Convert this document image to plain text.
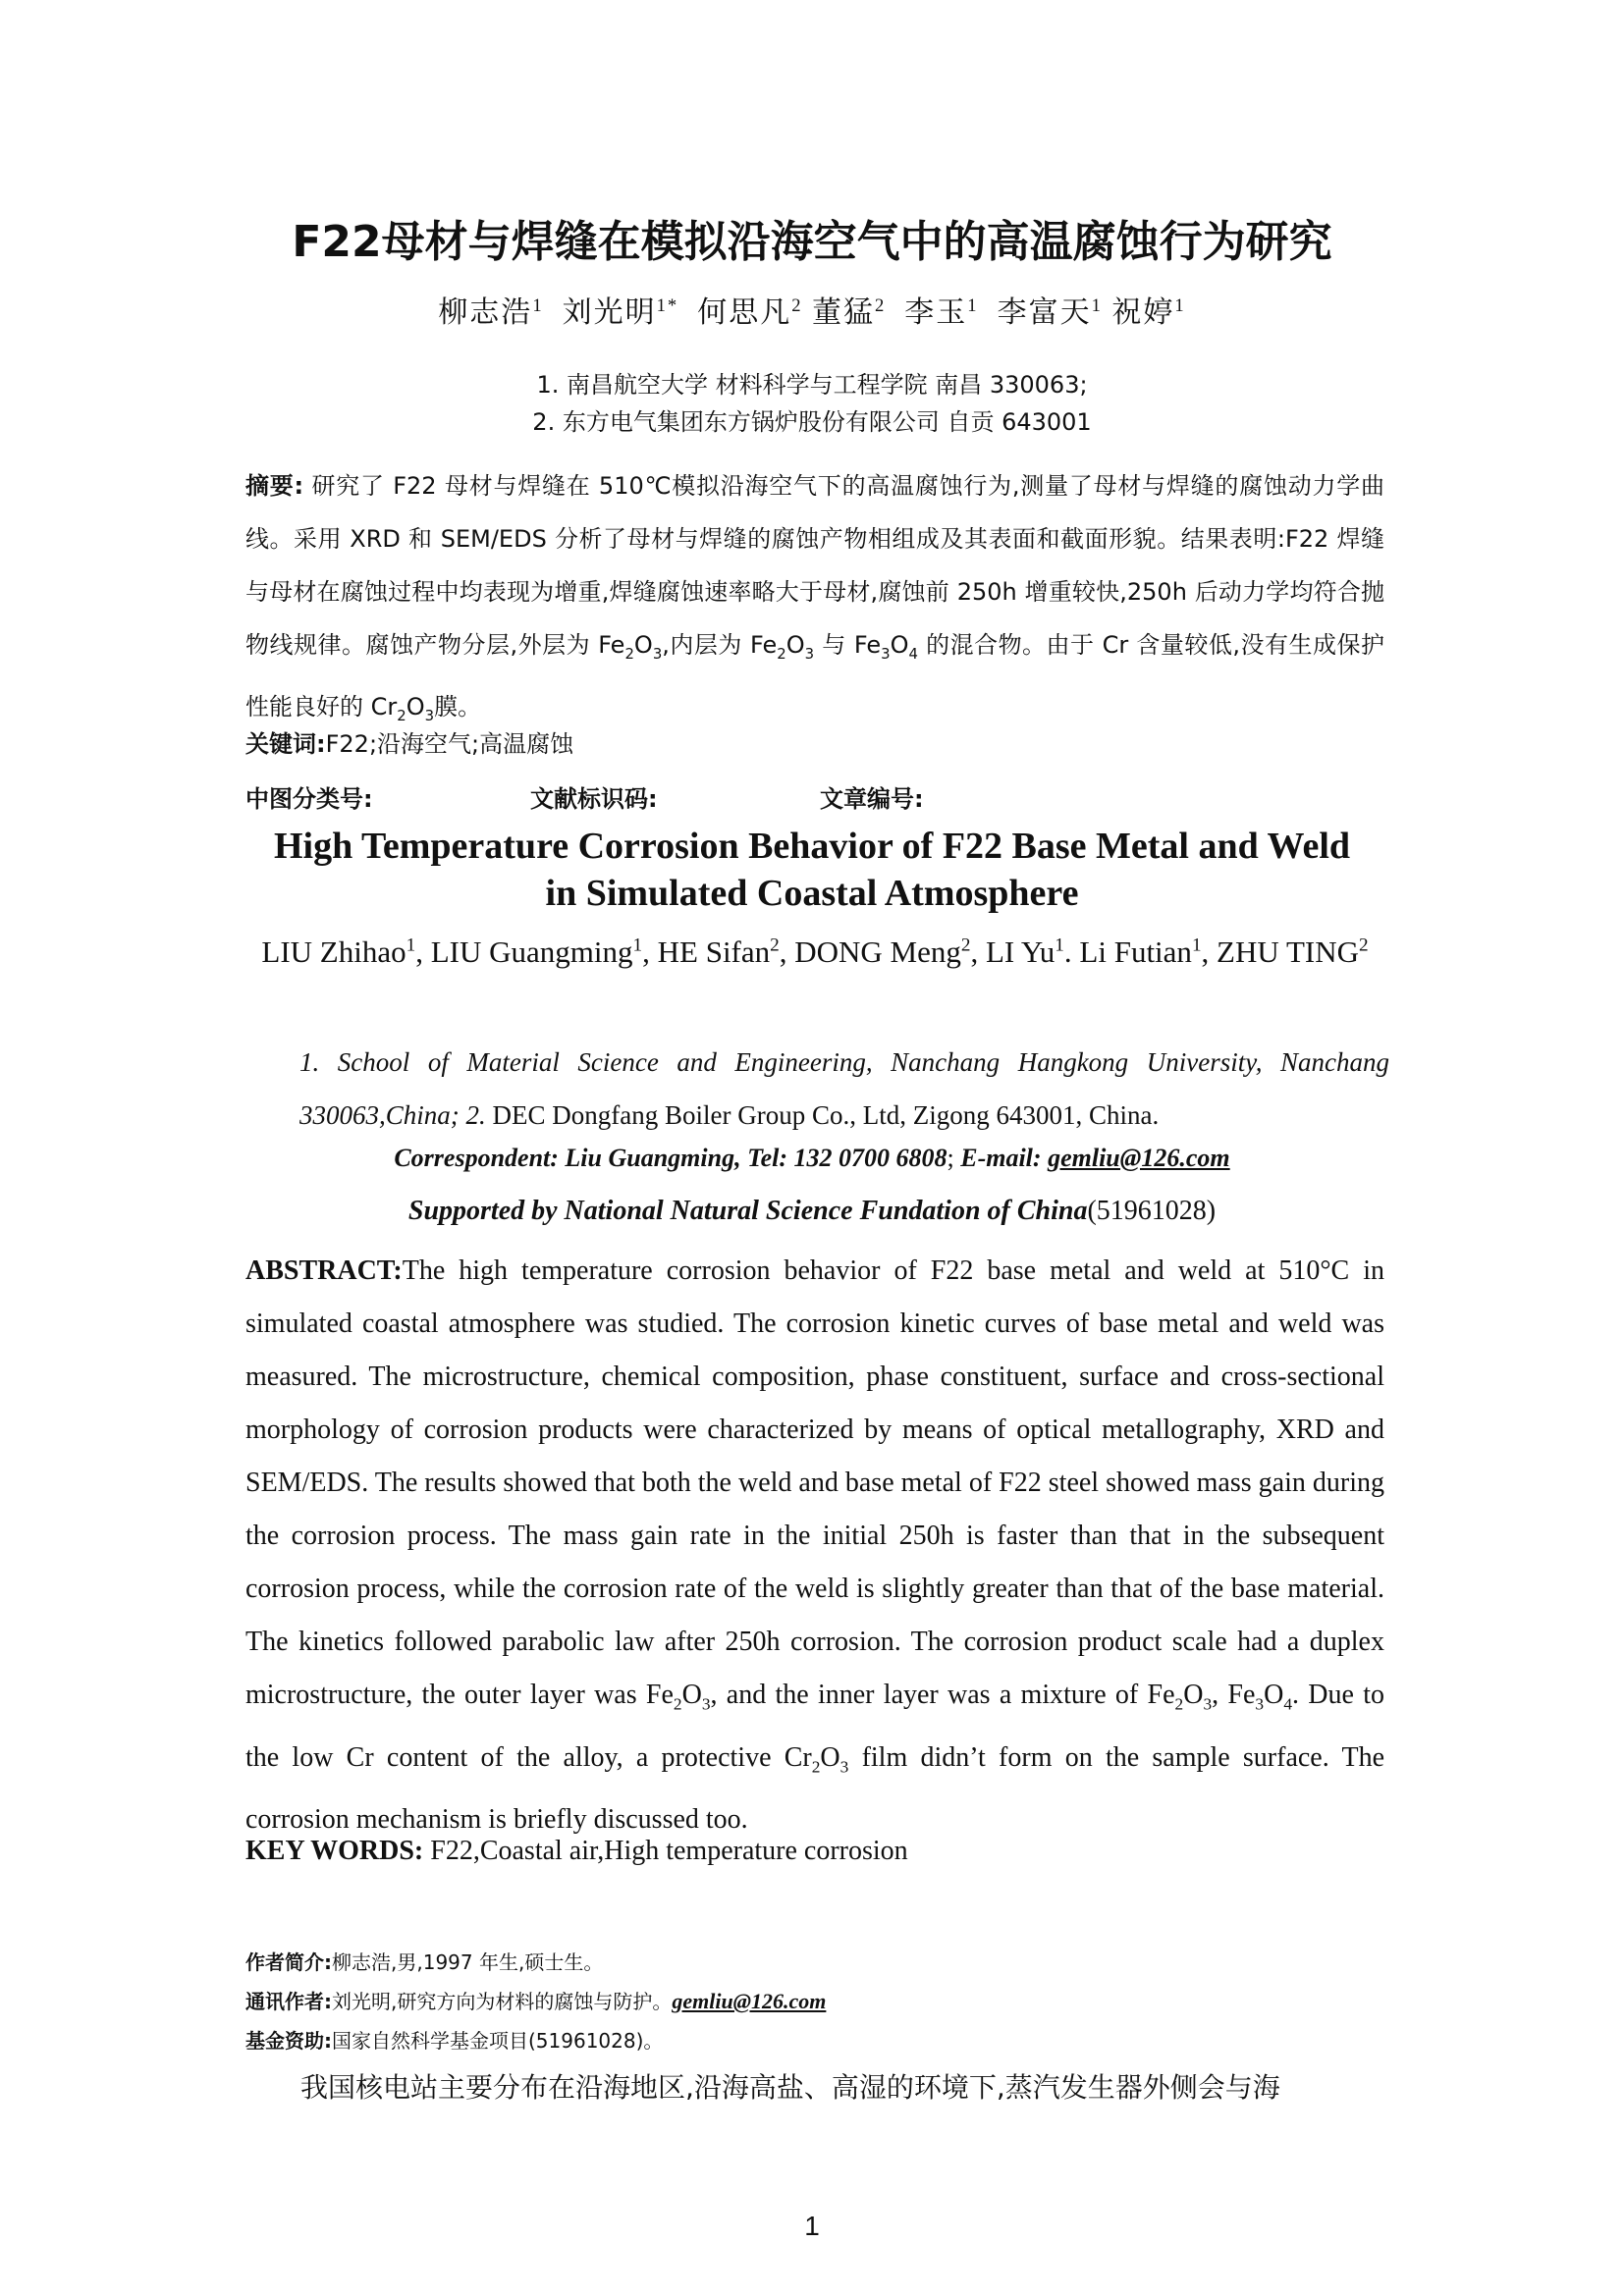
F22母材与焊缝在模拟沿海空气中的高温腐蚀行为研究
柳志浩$^1$ 刘光明$^{1*}$ 何思凡$^2$ 董猛$^2$ 李玉$^1$ 李富天$^1$ 祝婷$^1$
1. 南昌航空大学 材料科学与工程学院 南昌 330063;
2. 东方电气集团东方锅炉股份有限公司 自贡 643001
摘要: 研究了 F22 母材与焊缝在 510℃模拟沿海空气下的高温腐蚀行为,测量了母材与焊缝的腐蚀动力学曲线。采用 XRD 和 SEM/EDS 分析了母材与焊缝的腐蚀产物相组成及其表面和截面形貌。结果表明:F22 焊缝与母材在腐蚀过程中均表现为增重,焊缝腐蚀速率略大于母材,腐蚀前 250h 增重较快,250h 后动力学均符合抛物线规律。腐蚀产物分层,外层为 $Fe_2O_3$,内层为 $Fe_2O_3$ 与 $Fe_3O_4$ 的混合物。由于 Cr 含量较低,没有生成保护性能良好的 $Cr_2O_3$膜。
关键词:F22;沿海空气;高温腐蚀
中图分类号:	文献标识码:	文章编号:
High Temperature Corrosion Behavior of F22 Base Metal and Weld
in Simulated Coastal Atmosphere
LIU Zhihao$^1$, LIU Guangming$^1$, HE Sifan$^2$, DONG Meng$^2$, LI Yu$^1$. Li Futian$^1$, ZHU TING$^2$
1. School of Material Science and Engineering, Nanchang Hangkong University, Nanchang 330063,China; 2. DEC Dongfang Boiler Group Co., Ltd, Zigong 643001, China.
Correspondent: Liu Guangming, Tel: 132 0700 6808; E-mail: gemliu@126.com
Supported by National Natural Science Fundation of China(51961028)
ABSTRACT:The high temperature corrosion behavior of F22 base metal and weld at 510°C in simulated coastal atmosphere was studied. The corrosion kinetic curves of base metal and weld was measured. The microstructure, chemical composition, phase constituent, surface and cross-sectional morphology of corrosion products were characterized by means of optical metallography, XRD and SEM/EDS. The results showed that both the weld and base metal of F22 steel showed mass gain during the corrosion process. The mass gain rate in the initial 250h is faster than that in the subsequent corrosion process, while the corrosion rate of the weld is slightly greater than that of the base material. The kinetics followed parabolic law after 250h corrosion. The corrosion product scale had a duplex microstructure, the outer layer was $Fe_2O_3$, and the inner layer was a mixture of $Fe_2O_3$, $Fe_3O_4$. Due to the low Cr content of the alloy, a protective $Cr_2O_3$ film didn’t form on the sample surface. The corrosion mechanism is briefly discussed too.
KEY WORDS: F22,Coastal air,High temperature corrosion
作者简介:柳志浩,男,1997 年生,硕士生。
通讯作者:刘光明,研究方向为材料的腐蚀与防护。gemliu@126.com
基金资助:国家自然科学基金项目(51961028)。
我国核电站主要分布在沿海地区,沿海高盐、高湿的环境下,蒸汽发生器外侧会与海
1
